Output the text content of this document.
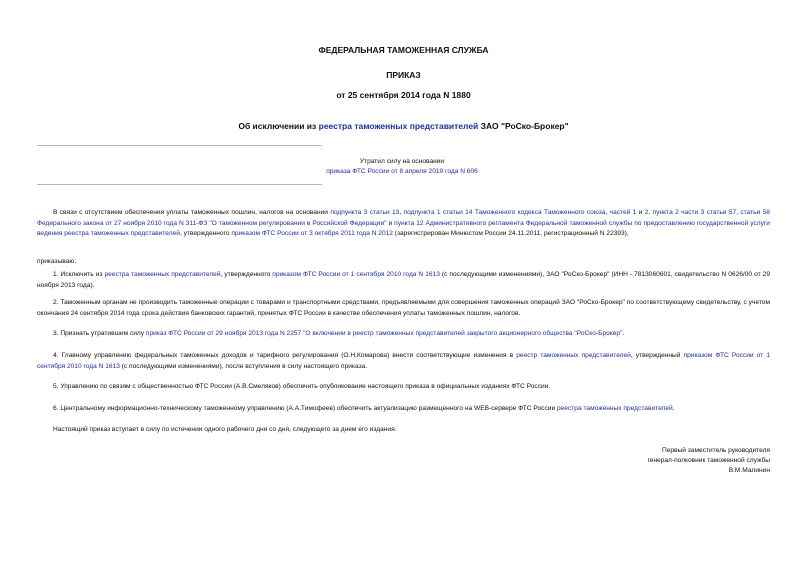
ФЕДЕРАЛЬНАЯ ТАМОЖЕННАЯ СЛУЖБА
ПРИКАЗ
от 25 сентября 2014 года N 1880
Об исключении из реестра таможенных представителей ЗАО "РоСко-Брокер"
Утратил силу на основании
приказа ФТС России от 8 апреля 2019 года N 606
В связи с отсутствием обеспечения уплаты таможенных пошлин, налогов на основании подпункта 3 статьи 13, подпункта 1 статьи 14 Таможенного кодекса Таможенного союза, частей 1 и 2, пункта 2 части 3 статьи 57, статьи 58 Федерального закона от 27 ноября 2010 года N 311-ФЗ "О таможенном регулировании в Российской Федерации" и пункта 12 Административного регламента Федеральной таможенной службы по предоставлению государственной услуги ведения реестра таможенных представителей, утвержденного приказом ФТС России от 3 октября 2011 года N 2012 (зарегистрирован Минюстом России 24.11.2011, регистрационный N 22393),
приказываю:
1. Исключить из реестра таможенных представителей, утвержденного приказом ФТС России от 1 сентября 2010 года N 1613 (с последующими изменениями), ЗАО "РоСко-Брокер" (ИНН - 7813060601, свидетельство N 0626/00 от 29 ноября 2013 года).
2. Таможенным органам не производить таможенные операции с товарами и транспортными средствами, предъявляемыми для совершения таможенных операций ЗАО "РоСко-Брокер" по соответствующему свидетельству, с учетом окончания 24 сентября 2014 года срока действия банковских гарантий, принятых ФТС России в качестве обеспечения уплаты таможенных пошлин, налогов.
3. Признать утратившим силу приказ ФТС России от 29 ноября 2013 года N 2257 "О включении в реестр таможенных представителей закрытого акционерного общества "РоСко-Брокер".
4. Главному управлению федеральных таможенных доходов и тарифного регулирования (О.Н.Комарова) внести соответствующие изменения в реестр таможенных представителей, утвержденный приказом ФТС России от 1 сентября 2010 года N 1613 (с последующими изменениями), после вступления в силу настоящего приказа.
5. Управлению по связям с общественностью ФТС России (А.В.Смеляков) обеспечить опубликование настоящего приказа в официальных изданиях ФТС России.
6. Центральному информационно-техническому таможенному управлению (А.А.Тимофеев) обеспечить актуализацию размещенного на WEB-сервере ФТС России реестра таможенных представителей.
Настоящий приказ вступает в силу по истечении одного рабочего дня со дня, следующего за днем его издания.
Первый заместитель руководителя
генерал-полковник таможенной службы
В.М.Малинин
